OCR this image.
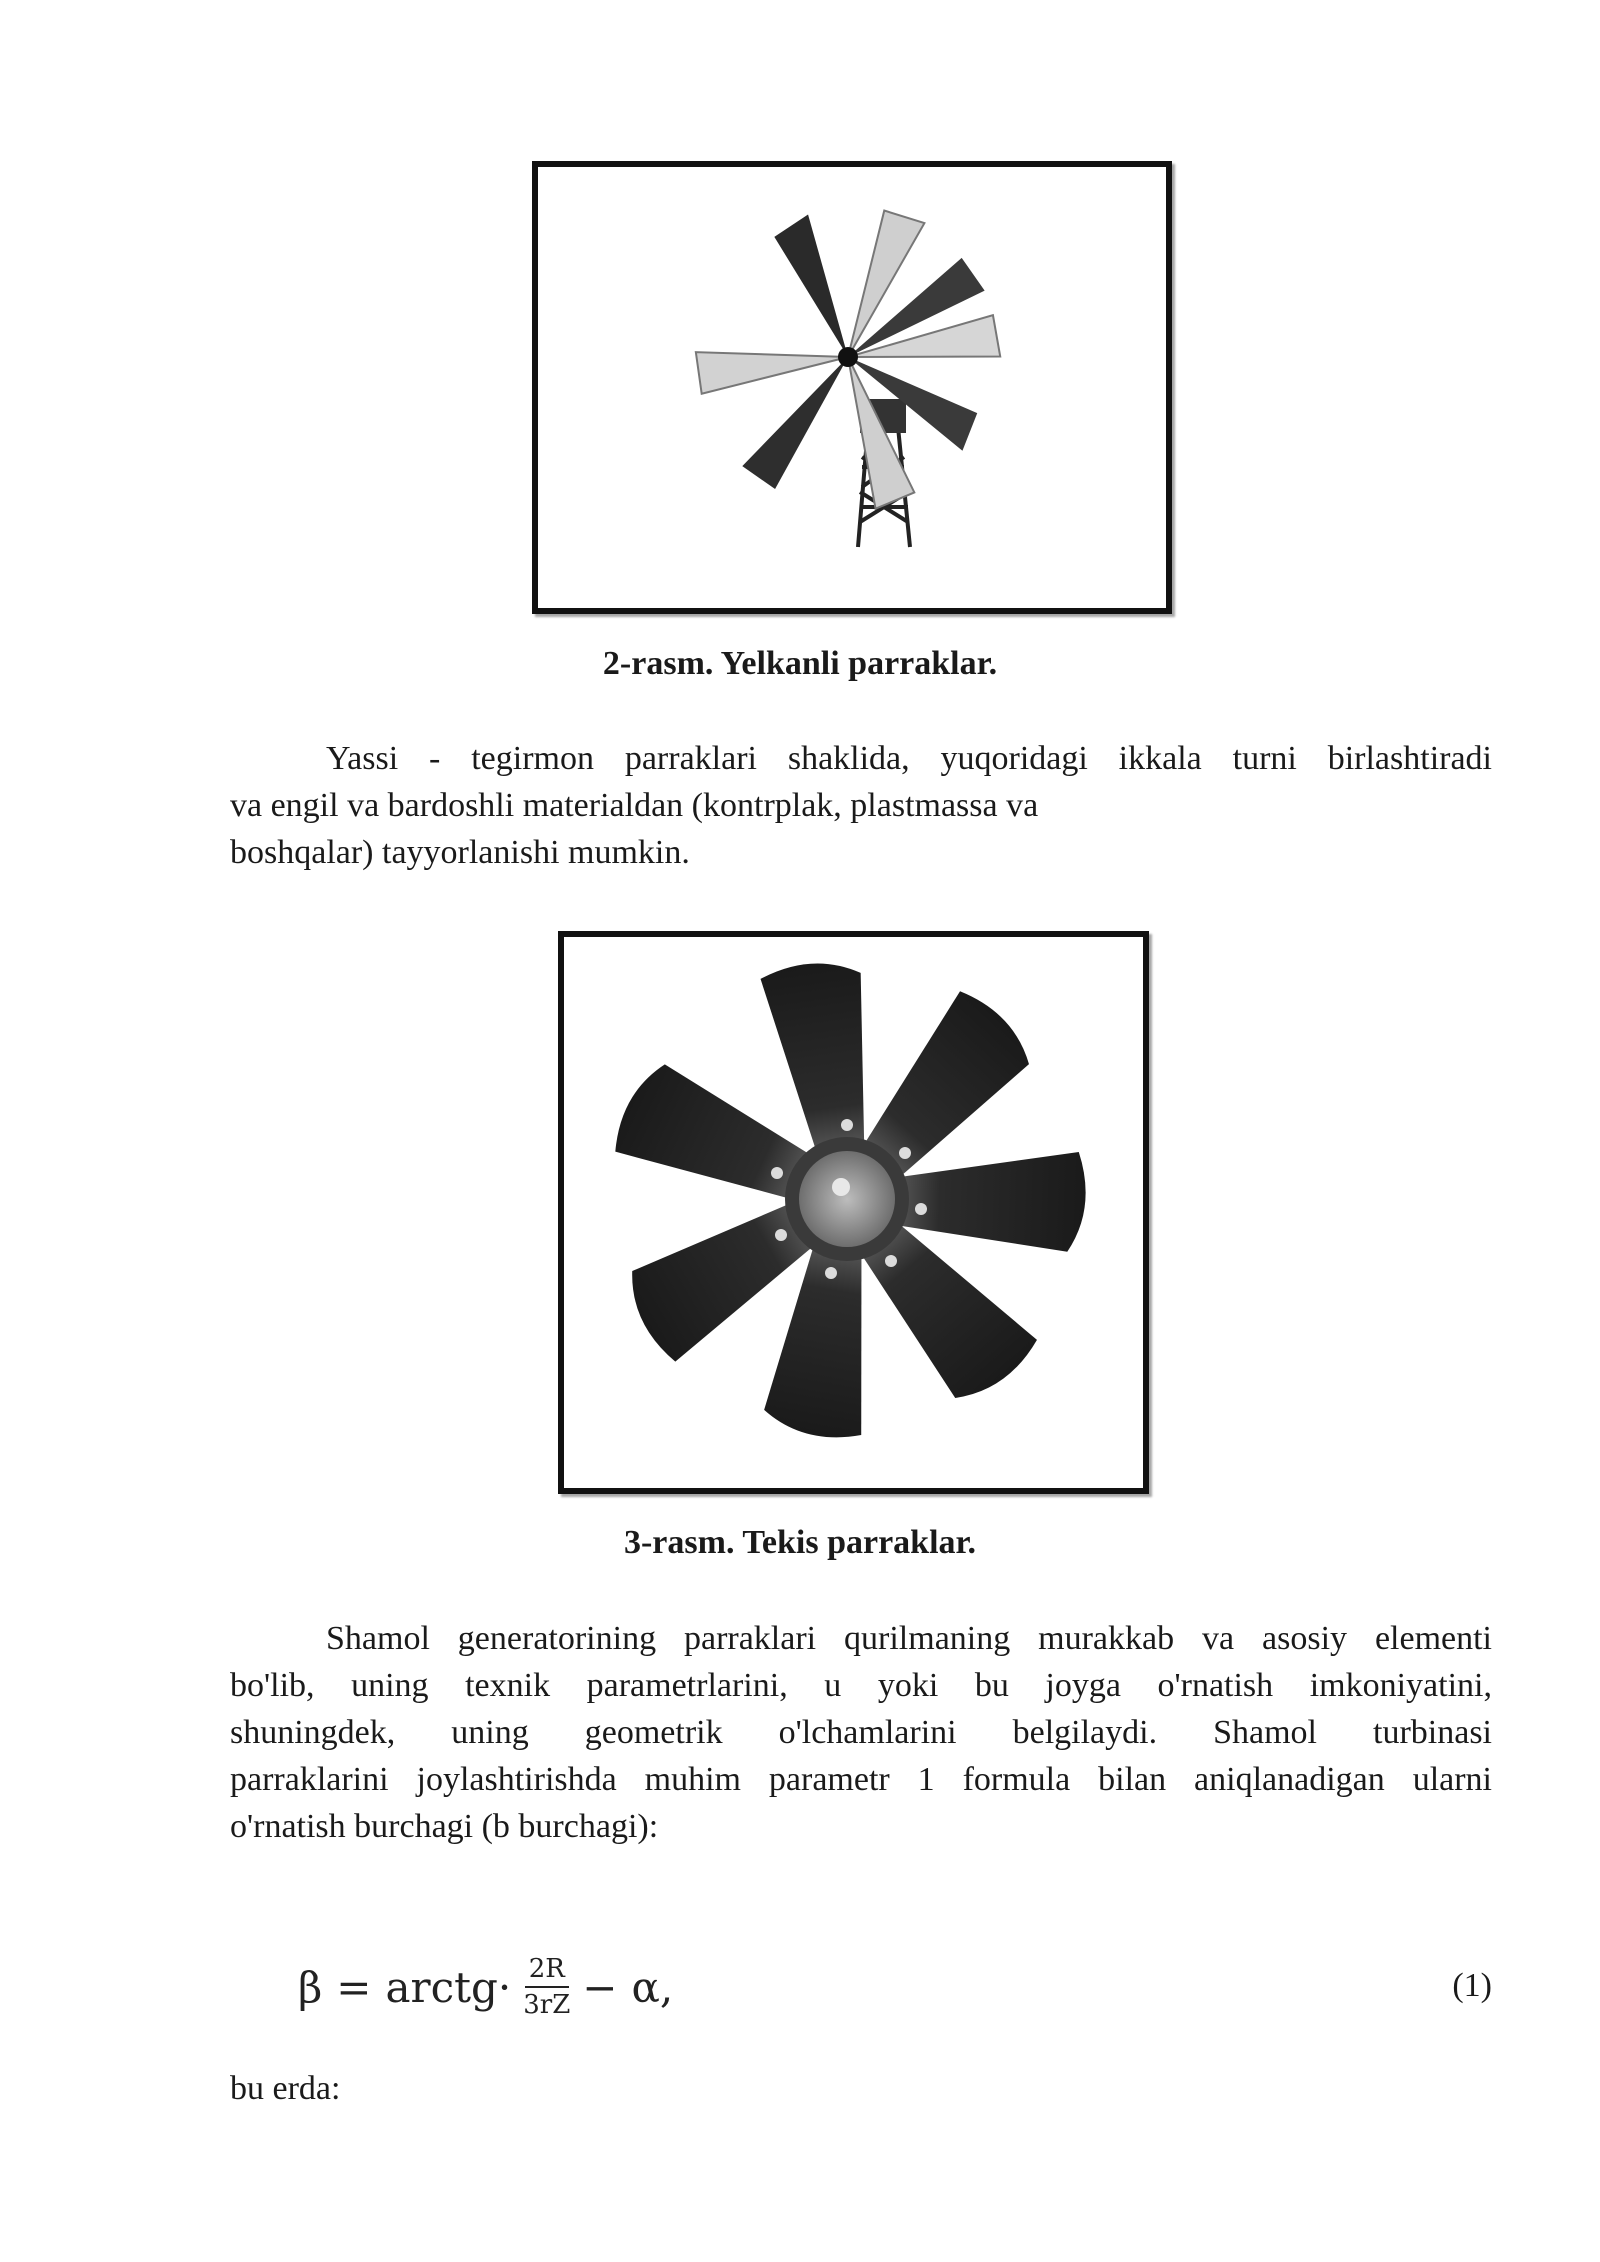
2-rasm. Yelkanli parraklar.
Yassi - tegirmon parraklari shaklida, yuqoridagi ikkala turni birlashtiradi
va engil va bardoshli materialdan (kontrplak, plastmassa va
boshqalar) tayyorlanishi mumkin.
3-rasm. Tekis parraklar.
Shamol generatorining parraklari qurilmaning murakkab va asosiy elementi
bo'lib, uning texnik parametrlarini, u yoki bu joyga o'rnatish imkoniyatini,
shuningdek, uning geometrik o'lchamlarini belgilaydi. Shamol turbinasi
parraklarini joylashtirishda muhim parametr 1 formula bilan aniqlanadigan ularni
o'rnatish burchagi (b burchagi):
β = arctg · $\frac{2R}{3rZ} - \alpha$,	(1)
bu erda:
